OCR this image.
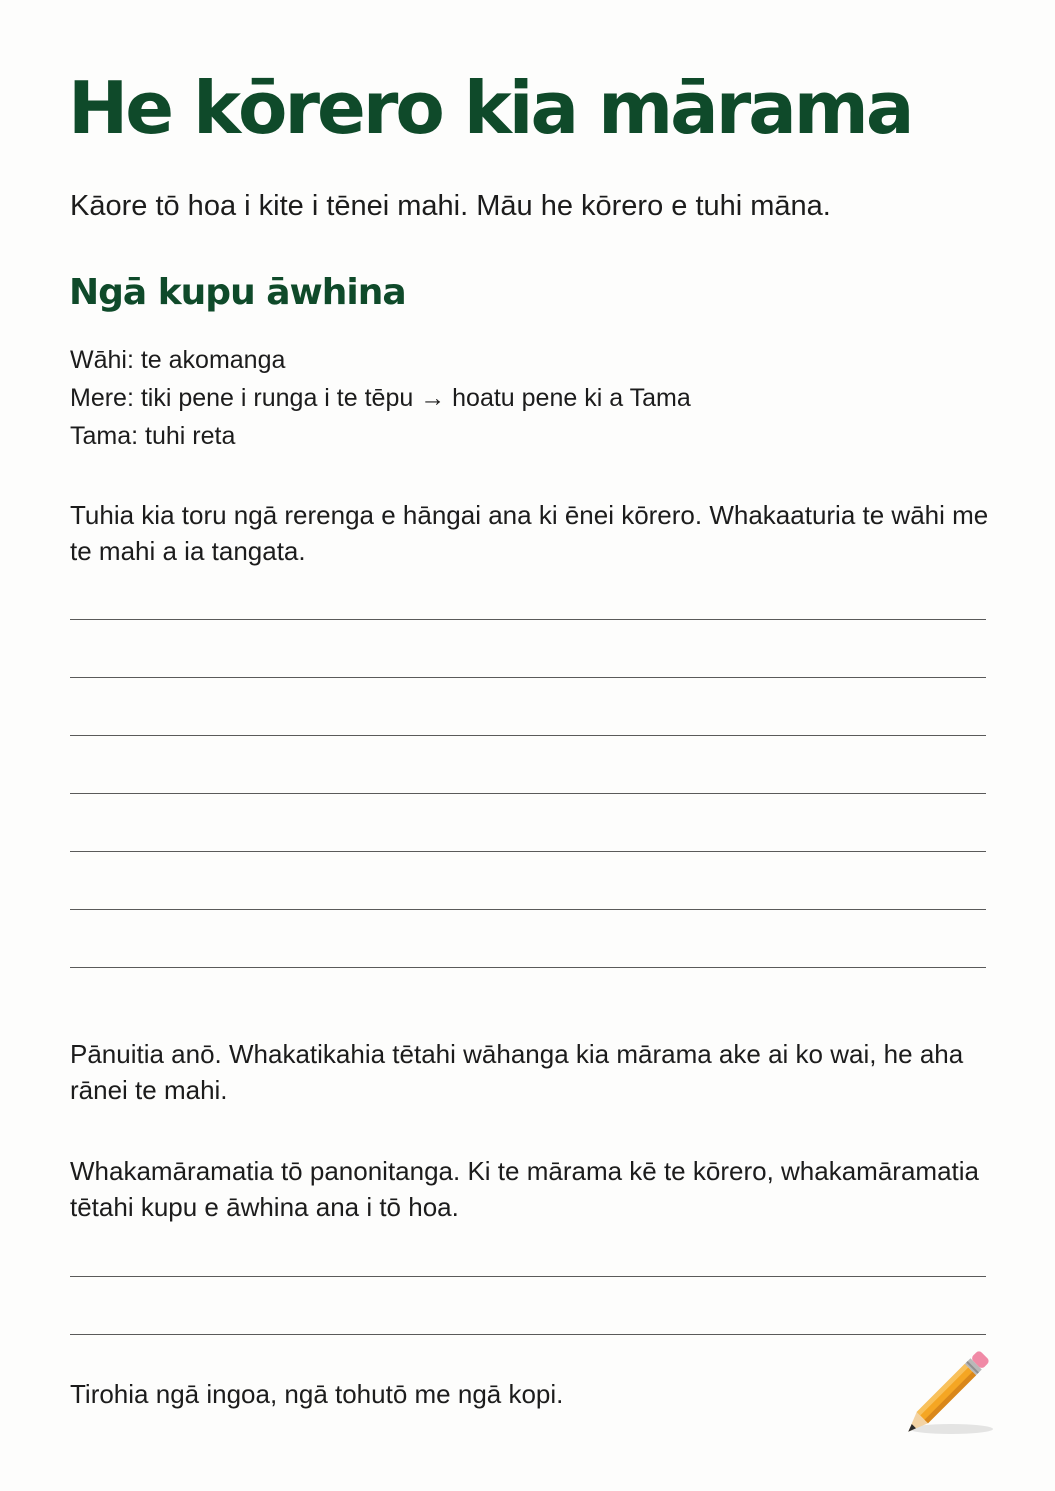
He kōrero kia mārama

Kāore tō hoa i kite i tēnei mahi. Māu he kōrero e tuhi māna.

Ngā kupu āwhina
Wāhi: te akomanga
Mere: tiki pene i runga i te tēpu → hoatu pene ki a Tama
Tama: tuhi reta

Tuhia kia toru ngā rerenga e hāngai ana ki ēnei kōrero. Whakaaturia te wāhi me te mahi a ia tangata.

Pānuitia anō. Whakatikahia tētahi wāhanga kia mārama ake ai ko wai, he aha rānei te mahi.

Whakamāramatia tō panonitanga. Ki te mārama kē te kōrero, whakamāramatia tētahi kupu e āwhina ana i tō hoa.

Tirohia ngā ingoa, ngā tohutō me ngā kopi.
